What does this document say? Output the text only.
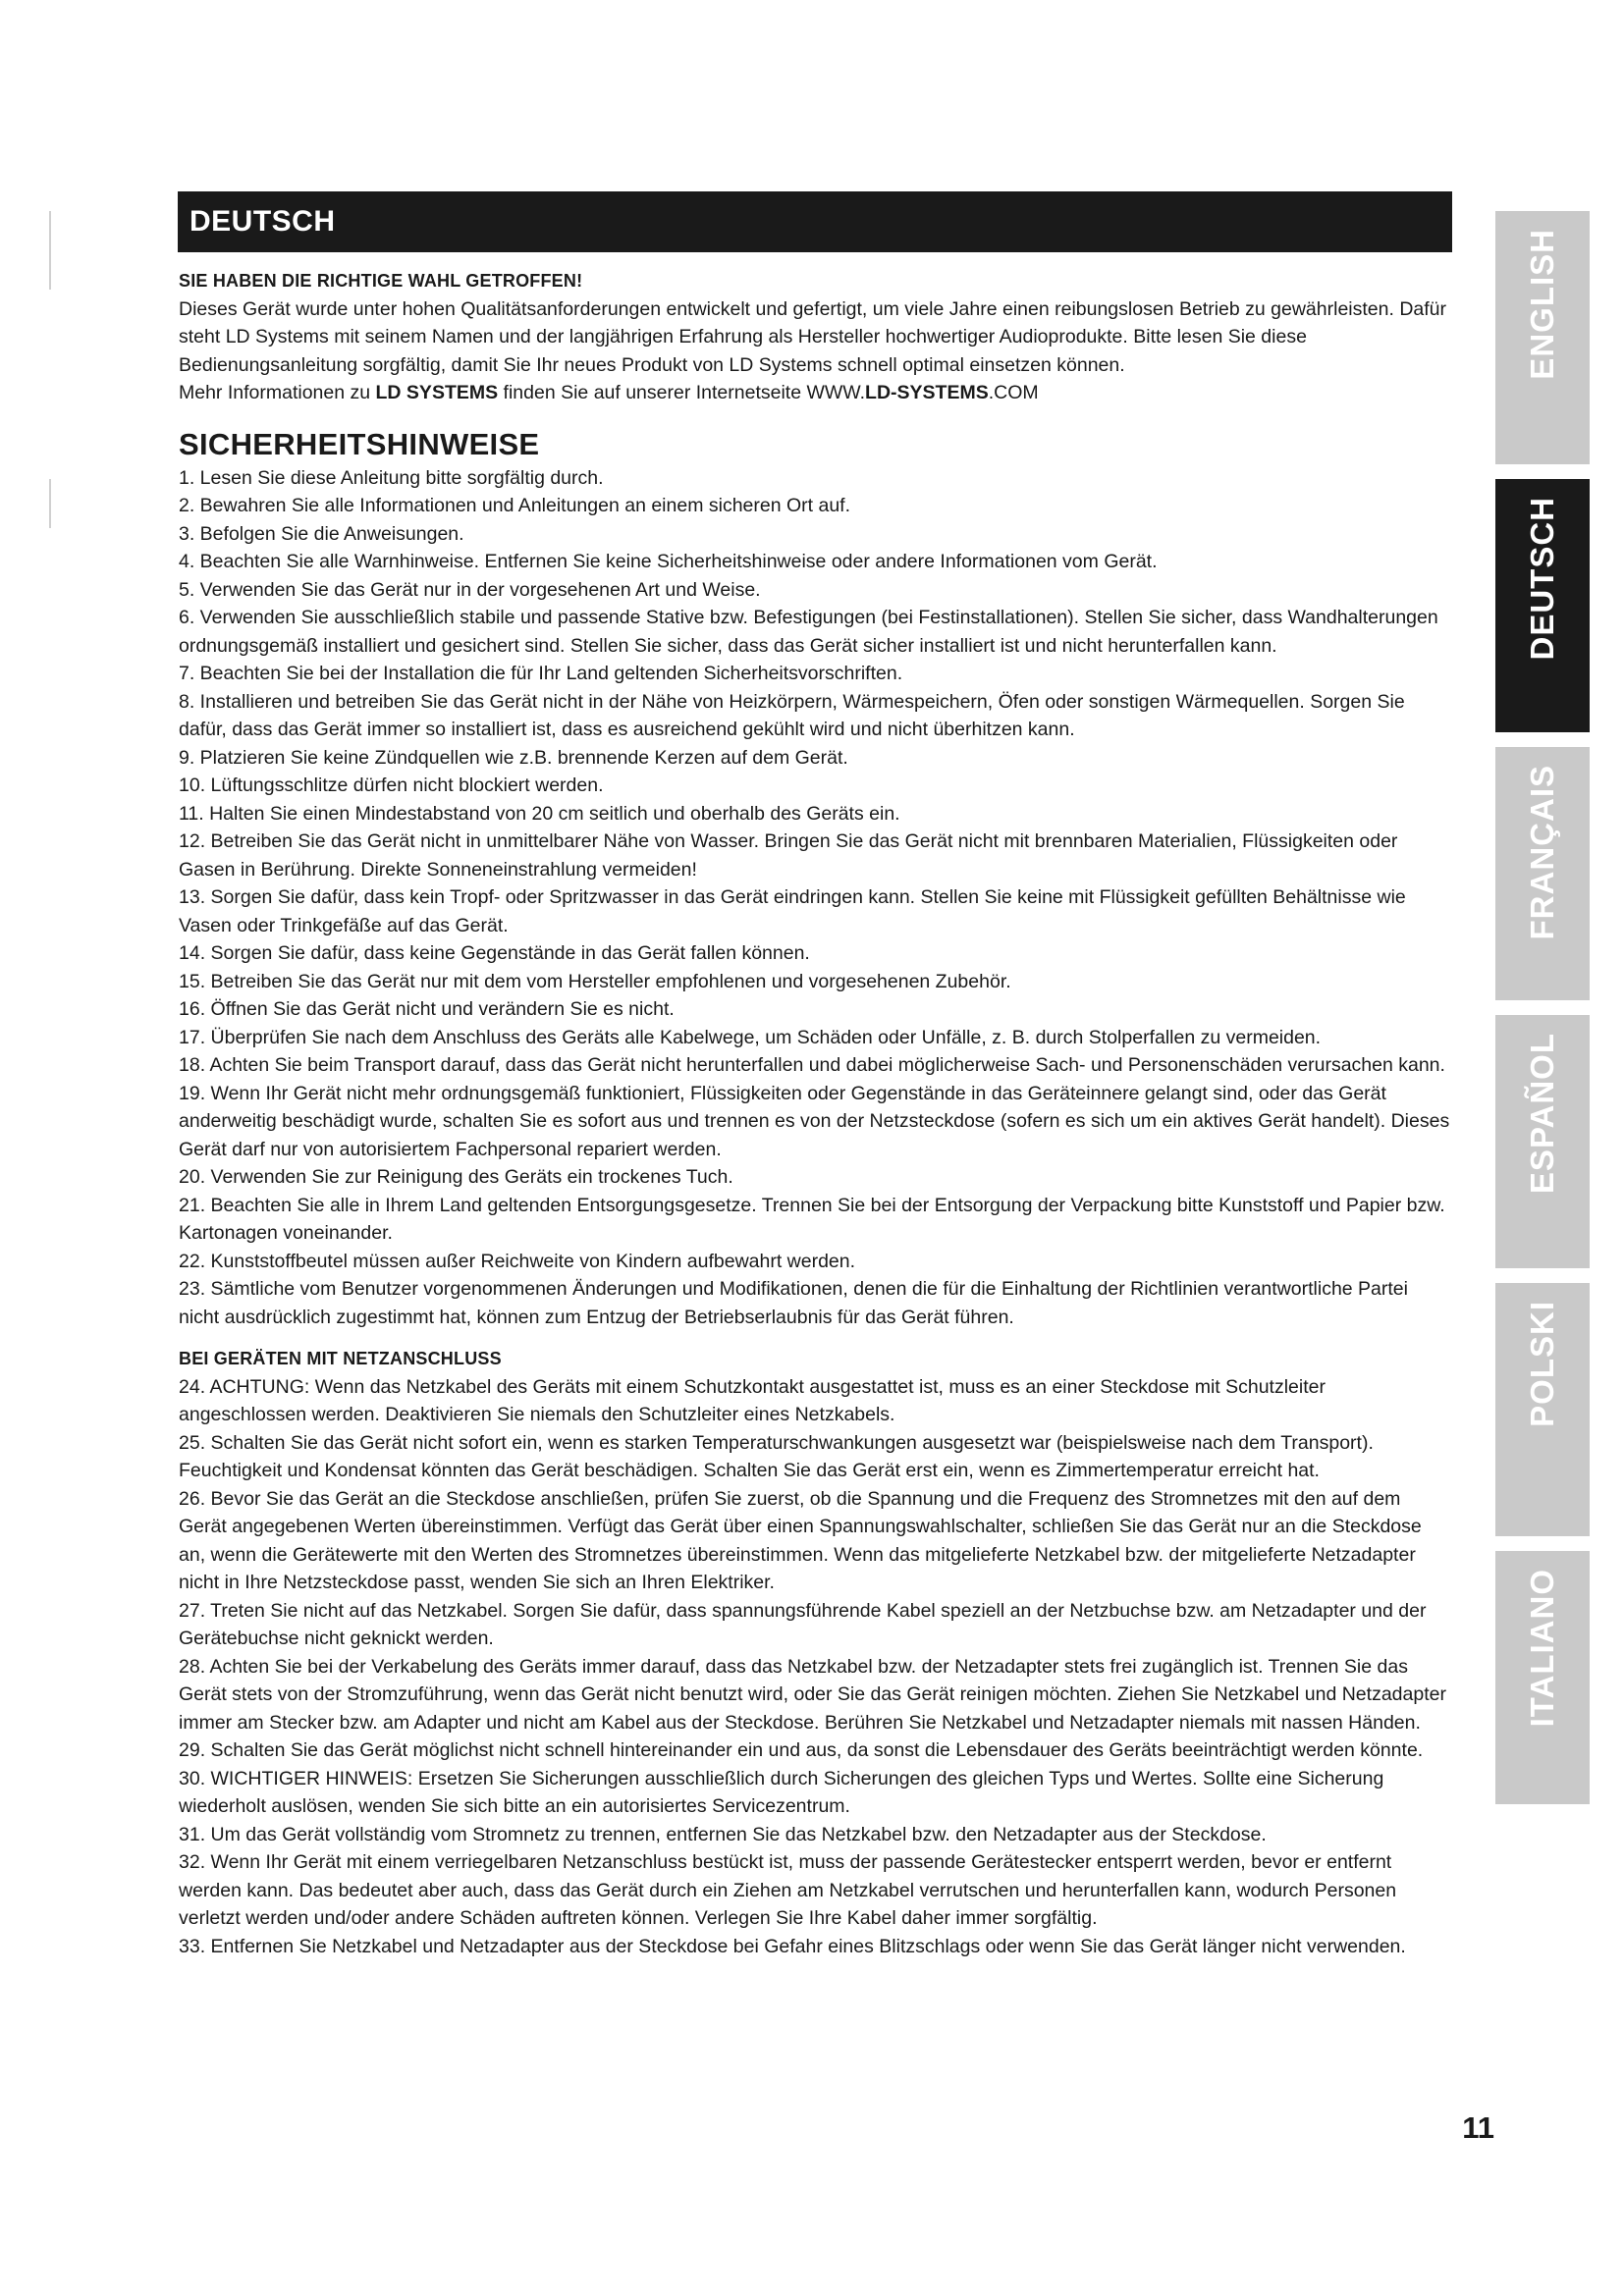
DEUTSCH

SIE HABEN DIE RICHTIGE WAHL GETROFFEN!

Dieses Gerät wurde unter hohen Qualitätsanforderungen entwickelt und gefertigt, um viele Jahre einen reibungslosen Betrieb zu gewährleisten. Dafür steht LD Systems mit seinem Namen und der langjährigen Erfahrung als Hersteller hochwertiger Audioprodukte. Bitte lesen Sie diese Bedienungsanleitung sorgfältig, damit Sie Ihr neues Produkt von LD Systems schnell optimal einsetzen können.

Mehr Informationen zu LD SYSTEMS finden Sie auf unserer Internetseite WWW.LD-SYSTEMS.COM

SICHERHEITSHINWEISE

1. Lesen Sie diese Anleitung bitte sorgfältig durch.

2. Bewahren Sie alle Informationen und Anleitungen an einem sicheren Ort auf.

3. Befolgen Sie die Anweisungen.

4. Beachten Sie alle Warnhinweise. Entfernen Sie keine Sicherheitshinweise oder andere Informationen vom Gerät.

5. Verwenden Sie das Gerät nur in der vorgesehenen Art und Weise.

6. Verwenden Sie ausschließlich stabile und passende Stative bzw. Befestigungen (bei Festinstallationen). Stellen Sie sicher, dass Wandhalterungen ordnungsgemäß installiert und gesichert sind. Stellen Sie sicher, dass das Gerät sicher installiert ist und nicht herunterfallen kann.

7. Beachten Sie bei der Installation die für Ihr Land geltenden Sicherheitsvorschriften.

8. Installieren und betreiben Sie das Gerät nicht in der Nähe von Heizkörpern, Wärmespeichern, Öfen oder sonstigen Wärmequellen. Sorgen Sie dafür, dass das Gerät immer so installiert ist, dass es ausreichend gekühlt wird und nicht überhitzen kann.

9. Platzieren Sie keine Zündquellen wie z.B. brennende Kerzen auf dem Gerät.

10. Lüftungsschlitze dürfen nicht blockiert werden.

11. Halten Sie einen Mindestabstand von 20 cm seitlich und oberhalb des Geräts ein.

12. Betreiben Sie das Gerät nicht in unmittelbarer Nähe von Wasser. Bringen Sie das Gerät nicht mit brennbaren Materialien, Flüssigkeiten oder Gasen in Berührung. Direkte Sonneneinstrahlung vermeiden!

13. Sorgen Sie dafür, dass kein Tropf- oder Spritzwasser in das Gerät eindringen kann. Stellen Sie keine mit Flüssigkeit gefüllten Behältnisse wie Vasen oder Trinkgefäße auf das Gerät.

14. Sorgen Sie dafür, dass keine Gegenstände in das Gerät fallen können.

15. Betreiben Sie das Gerät nur mit dem vom Hersteller empfohlenen und vorgesehenen Zubehör.

16. Öffnen Sie das Gerät nicht und verändern Sie es nicht.

17. Überprüfen Sie nach dem Anschluss des Geräts alle Kabelwege, um Schäden oder Unfälle, z. B. durch Stolperfallen zu vermeiden.

18. Achten Sie beim Transport darauf, dass das Gerät nicht herunterfallen und dabei möglicherweise Sach- und Personenschäden verursachen kann.

19. Wenn Ihr Gerät nicht mehr ordnungsgemäß funktioniert, Flüssigkeiten oder Gegenstände in das Geräteinnere gelangt sind, oder das Gerät anderweitig beschädigt wurde, schalten Sie es sofort aus und trennen es von der Netzsteckdose (sofern es sich um ein aktives Gerät handelt). Dieses Gerät darf nur von autorisiertem Fachpersonal repariert werden.

20. Verwenden Sie zur Reinigung des Geräts ein trockenes Tuch.

21. Beachten Sie alle in Ihrem Land geltenden Entsorgungsgesetze. Trennen Sie bei der Entsorgung der Verpackung bitte Kunststoff und Papier bzw. Kartonagen voneinander.

22. Kunststoffbeutel müssen außer Reichweite von Kindern aufbewahrt werden.

23. Sämtliche vom Benutzer vorgenommenen Änderungen und Modifikationen, denen die für die Einhaltung der Richtlinien verantwortliche Partei nicht ausdrücklich zugestimmt hat, können zum Entzug der Betriebserlaubnis für das Gerät führen.

BEI GERÄTEN MIT NETZANSCHLUSS

24. ACHTUNG: Wenn das Netzkabel des Geräts mit einem Schutzkontakt ausgestattet ist, muss es an einer Steckdose mit Schutzleiter angeschlossen werden. Deaktivieren Sie niemals den Schutzleiter eines Netzkabels.

25. Schalten Sie das Gerät nicht sofort ein, wenn es starken Temperaturschwankungen ausgesetzt war (beispielsweise nach dem Transport). Feuchtigkeit und Kondensat könnten das Gerät beschädigen. Schalten Sie das Gerät erst ein, wenn es Zimmertemperatur erreicht hat.

26. Bevor Sie das Gerät an die Steckdose anschließen, prüfen Sie zuerst, ob die Spannung und die Frequenz des Stromnetzes mit den auf dem Gerät angegebenen Werten übereinstimmen. Verfügt das Gerät über einen Spannungswahlschalter, schließen Sie das Gerät nur an die Steckdose an, wenn die Gerätewerte mit den Werten des Stromnetzes übereinstimmen. Wenn das mitgelieferte Netzkabel bzw. der mitgelieferte Netzadapter nicht in Ihre Netzsteckdose passt, wenden Sie sich an Ihren Elektriker.

27. Treten Sie nicht auf das Netzkabel. Sorgen Sie dafür, dass spannungsführende Kabel speziell an der Netzbuchse bzw. am Netzadapter und der Gerätebuchse nicht geknickt werden.

28. Achten Sie bei der Verkabelung des Geräts immer darauf, dass das Netzkabel bzw. der Netzadapter stets frei zugänglich ist. Trennen Sie das Gerät stets von der Stromzuführung, wenn das Gerät nicht benutzt wird, oder Sie das Gerät reinigen möchten. Ziehen Sie Netzkabel und Netzadapter immer am Stecker bzw. am Adapter und nicht am Kabel aus der Steckdose. Berühren Sie Netzkabel und Netzadapter niemals mit nassen Händen.

29. Schalten Sie das Gerät möglichst nicht schnell hintereinander ein und aus, da sonst die Lebensdauer des Geräts beeinträchtigt werden könnte.

30. WICHTIGER HINWEIS: Ersetzen Sie Sicherungen ausschließlich durch Sicherungen des gleichen Typs und Wertes. Sollte eine Sicherung wiederholt auslösen, wenden Sie sich bitte an ein autorisiertes Servicezentrum.

31. Um das Gerät vollständig vom Stromnetz zu trennen, entfernen Sie das Netzkabel bzw. den Netzadapter aus der Steckdose.

32. Wenn Ihr Gerät mit einem verriegelbaren Netzanschluss bestückt ist, muss der passende Gerätestecker entsperrt werden, bevor er entfernt werden kann. Das bedeutet aber auch, dass das Gerät durch ein Ziehen am Netzkabel verrutschen und herunterfallen kann, wodurch Personen verletzt werden und/oder andere Schäden auftreten können. Verlegen Sie Ihre Kabel daher immer sorgfältig.

33. Entfernen Sie Netzkabel und Netzadapter aus der Steckdose bei Gefahr eines Blitzschlags oder wenn Sie das Gerät länger nicht verwenden.

ENGLISH
DEUTSCH
FRANÇAIS
ESPAÑOL
POLSKI
ITALIANO
11
